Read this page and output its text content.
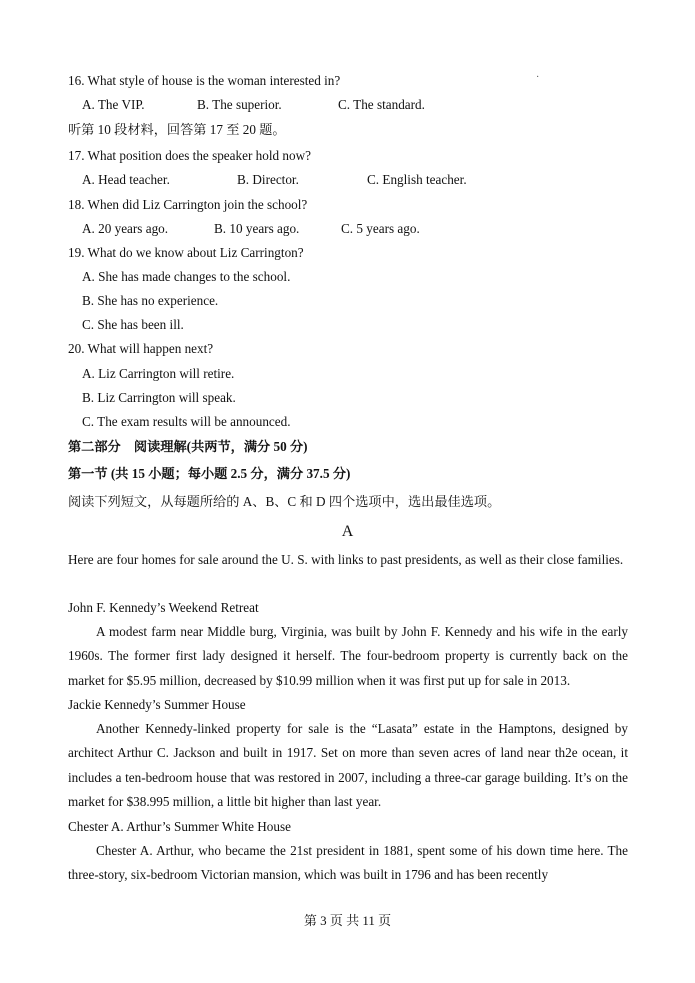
·
16. What style of house is the woman interested in?
A. The VIP.	B. The superior.	C. The standard.
听第 10 段材料，回答第 17 至 20 题。
17. What position does the speaker hold now?
A. Head teacher.	B. Director.	C. English teacher.
18. When did Liz Carrington join the school?
A. 20 years ago.	B. 10 years ago.	C. 5 years ago.
19. What do we know about Liz Carrington?
A. She has made changes to the school.
B. She has no experience.
C. She has been ill.
20. What will happen next?
A. Liz Carrington will retire.
B. Liz Carrington will speak.
C. The exam results will be announced.
第二部分　阅读理解(共两节，满分 50 分)
第一节 (共 15 小题；每小题 2.5 分，满分 37.5 分)
阅读下列短文，从每题所给的 A、B、C 和 D 四个选项中，选出最佳选项。
A

Here are four homes for sale around the U. S. with links to past presidents, as well as their close families.

John F. Kennedy’s Weekend Retreat

A modest farm near Middle burg, Virginia, was built by John F. Kennedy and his wife in the early 1960s. The former first lady designed it herself. The four-bedroom property is currently back on the market for $5.95 million, decreased by $10.99 million when it was first put up for sale in 2013.

Jackie Kennedy’s Summer House

Another Kennedy-linked property for sale is the “Lasata” estate in the Hamptons, designed by architect Arthur C. Jackson and built in 1917. Set on more than seven acres of land near th2e ocean, it includes a ten-bedroom house that was restored in 2007, including a three-car garage building. It’s on the market for $38.995 million, a little bit higher than last year.

Chester A. Arthur’s Summer White House

Chester A. Arthur, who became the 21st president in 1881, spent some of his down time here. The three-story, six-bedroom Victorian mansion, which was built in 1796 and has been recently

第 3 页 共 11 页
